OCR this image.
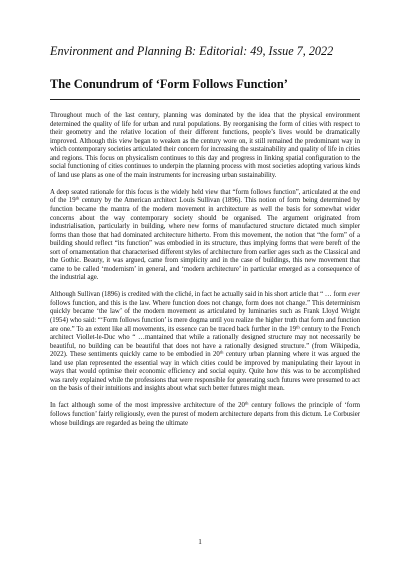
Environment and Planning B: Editorial: 49, Issue 7, 2022
The Conundrum of ‘Form Follows Function’

Throughout much of the last century, planning was dominated by the idea that the physical environment determined the quality of life for urban and rural populations. By reorganising the form of cities with respect to their geometry and the relative location of their different functions, people’s lives would be dramatically improved. Although this view began to weaken as the century wore on, it still remained the predominant way in which contemporary societies articulated their concern for increasing the sustainability and quality of life in cities and regions. This focus on physicalism continues to this day and progress in linking spatial configuration to the social functioning of cities continues to underpin the planning process with most societies adopting various kinds of land use plans as one of the main instruments for increasing urban sustainability.

A deep seated rationale for this focus is the widely held view that “form follows function”, articulated at the end of the 19th century by the American architect Louis Sullivan (1896). This notion of form being determined by function became the mantra of the modern movement in architecture as well the basis for somewhat wider concerns about the way contemporary society should be organised. The argument originated from industrialisation, particularly in building, where new forms of manufactured structure dictated much simpler forms than those that had dominated architecture hitherto. From this movement, the notion that “the form” of a building should reflect “its function” was embodied in its structure, thus implying forms that were bereft of the sort of ornamentation that characterised different styles of architecture from earlier ages such as the Classical and the Gothic. Beauty, it was argued, came from simplicity and in the case of buildings, this new movement that came to be called ‘modernism’ in general, and ‘modern architecture’ in particular emerged as a consequence of the industrial age.

Although Sullivan (1896) is credited with the cliché, in fact he actually said in his short article that “ … form ever follows function, and this is the law. Where function does not change, form does not change.” This determinism quickly became ‘the law’ of the modern movement as articulated by luminaries such as Frank Lloyd Wright (1954) who said: “‘Form follows function’ is mere dogma until you realize the higher truth that form and function are one.” To an extent like all movements, its essence can be traced back further in the 19th century to the French architect Viollet-le-Duc who “ …mantained that while a rationally designed structure may not necessarily be beautiful, no building can be beautiful that does not have a rationally designed structure.” (from Wikipedia, 2022). These sentiments quickly came to be embodied in 20th century urban planning where it was argued the land use plan represented the essential way in which cities could be improved by manipulating their layout in ways that would optimise their economic efficiency and social equity. Quite how this was to be accomplished was rarely explained while the professions that were responsible for generating such futures were presumed to act on the basis of their intuitions and insights about what such better futures might mean.

In fact although some of the most impressive architecture of the 20th century follows the principle of ‘form follows function’ fairly religiously, even the purest of modern architecture departs from this dictum. Le Corbusier whose buildings are regarded as being the ultimate

1
